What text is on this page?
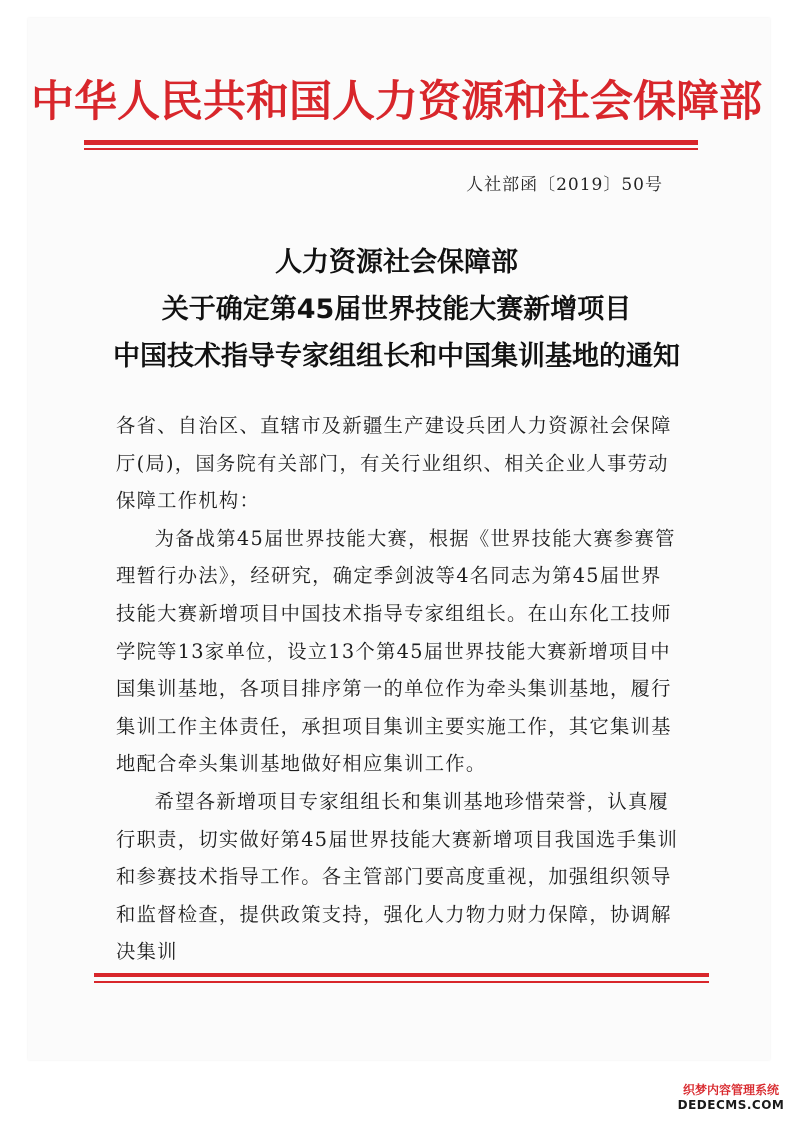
中华人民共和国人力资源和社会保障部
人社部函〔2019〕50号
人力资源社会保障部
关于确定第45届世界技能大赛新增项目
中国技术指导专家组组长和中国集训基地的通知

各省、自治区、直辖市及新疆生产建设兵团人力资源社会保障厅(局)，国务院有关部门，有关行业组织、相关企业人事劳动保障工作机构：

为备战第45届世界技能大赛，根据《世界技能大赛参赛管理暂行办法》，经研究，确定季剑波等4名同志为第45届世界技能大赛新增项目中国技术指导专家组组长。在山东化工技师学院等13家单位，设立13个第45届世界技能大赛新增项目中国集训基地，各项目排序第一的单位作为牵头集训基地，履行集训工作主体责任，承担项目集训主要实施工作，其它集训基地配合牵头集训基地做好相应集训工作。

希望各新增项目专家组组长和集训基地珍惜荣誉，认真履行职责，切实做好第45届世界技能大赛新增项目我国选手集训和参赛技术指导工作。各主管部门要高度重视，加强组织领导和监督检查，提供政策支持，强化人力物力财力保障，协调解决集训

织梦内容管理系统
DEDECMS.COM
